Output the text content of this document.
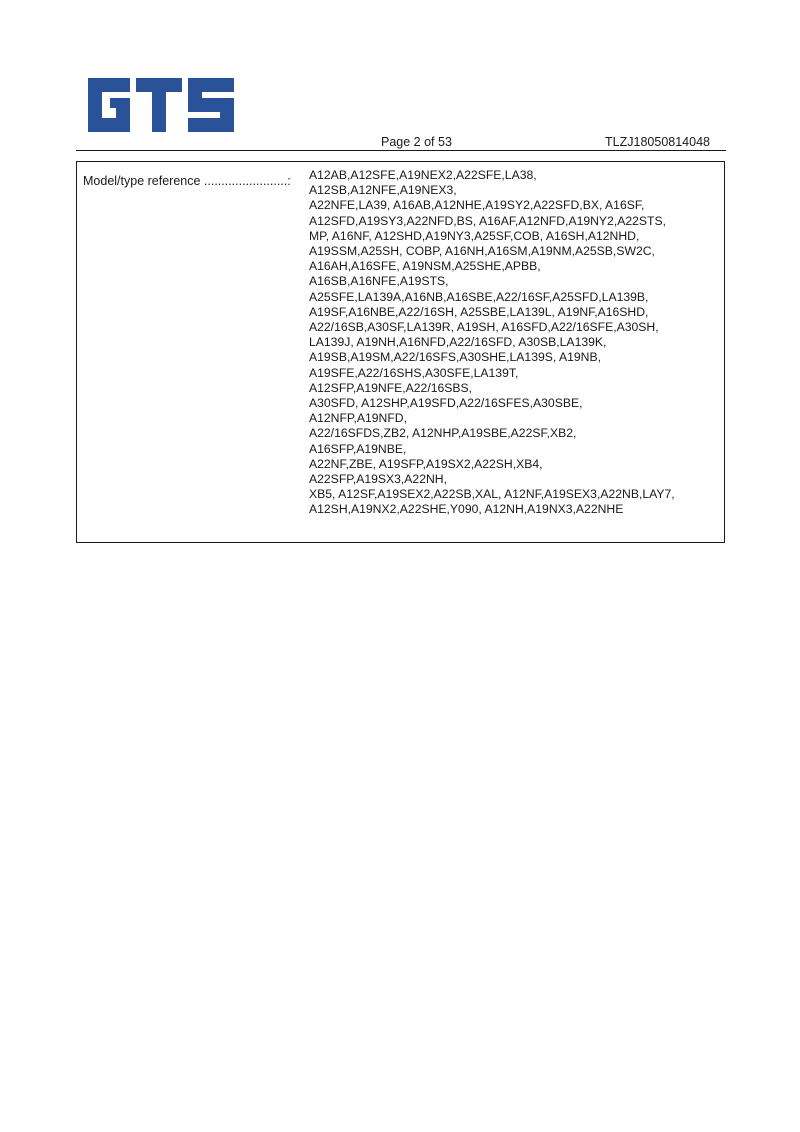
Page 2 of 53	TLZJ18050814048
Model/type reference ........................: A12AB,A12SFE,A19NEX2,A22SFE,LA38,
A12SB,A12NFE,A19NEX3,
A22NFE,LA39, A16AB,A12NHE,A19SY2,A22SFD,BX, A16SF,
A12SFD,A19SY3,A22NFD,BS, A16AF,A12NFD,A19NY2,A22STS,
MP, A16NF, A12SHD,A19NY3,A25SF,COB, A16SH,A12NHD,
A19SSM,A25SH, COBP, A16NH,A16SM,A19NM,A25SB,SW2C,
A16AH,A16SFE, A19NSM,A25SHE,APBB,
A16SB,A16NFE,A19STS,
A25SFE,LA139A,A16NB,A16SBE,A22/16SF,A25SFD,LA139B,
A19SF,A16NBE,A22/16SH, A25SBE,LA139L, A19NF,A16SHD,
A22/16SB,A30SF,LA139R, A19SH, A16SFD,A22/16SFE,A30SH,
LA139J, A19NH,A16NFD,A22/16SFD, A30SB,LA139K,
A19SB,A19SM,A22/16SFS,A30SHE,LA139S, A19NB,
A19SFE,A22/16SHS,A30SFE,LA139T,
A12SFP,A19NFE,A22/16SBS,
A30SFD, A12SHP,A19SFD,A22/16SFES,A30SBE,
A12NFP,A19NFD,
A22/16SFDS,ZB2, A12NHP,A19SBE,A22SF,XB2,
A16SFP,A19NBE,
A22NF,ZBE, A19SFP,A19SX2,A22SH,XB4,
A22SFP,A19SX3,A22NH,
XB5, A12SF,A19SEX2,A22SB,XAL, A12NF,A19SEX3,A22NB,LAY7,
A12SH,A19NX2,A22SHE,Y090, A12NH,A19NX3,A22NHE
